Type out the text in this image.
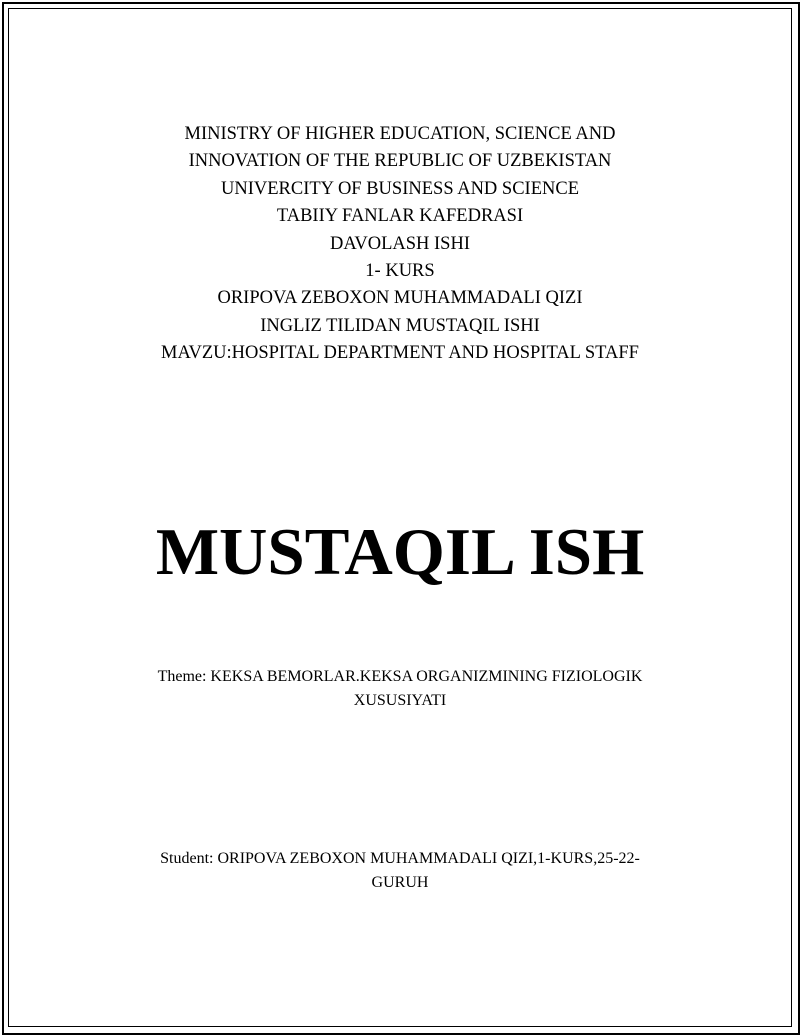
MINISTRY OF HIGHER EDUCATION, SCIENCE AND
INNOVATION OF THE REPUBLIC OF UZBEKISTAN
UNIVERCITY OF BUSINESS AND SCIENCE
TABIIY FANLAR KAFEDRASI
DAVOLASH ISHI
1- KURS
ORIPOVA ZEBOXON MUHAMMADALI QIZI
INGLIZ TILIDAN MUSTAQIL ISHI
MAVZU:HOSPITAL DEPARTMENT AND HOSPITAL STAFF
MUSTAQIL ISH
Theme: KEKSA BEMORLAR.KEKSA ORGANIZMINING FIZIOLOGIK
XUSUSIYATI
Student: ORIPOVA ZEBOXON MUHAMMADALI QIZI,1-KURS,25-22-
GURUH
